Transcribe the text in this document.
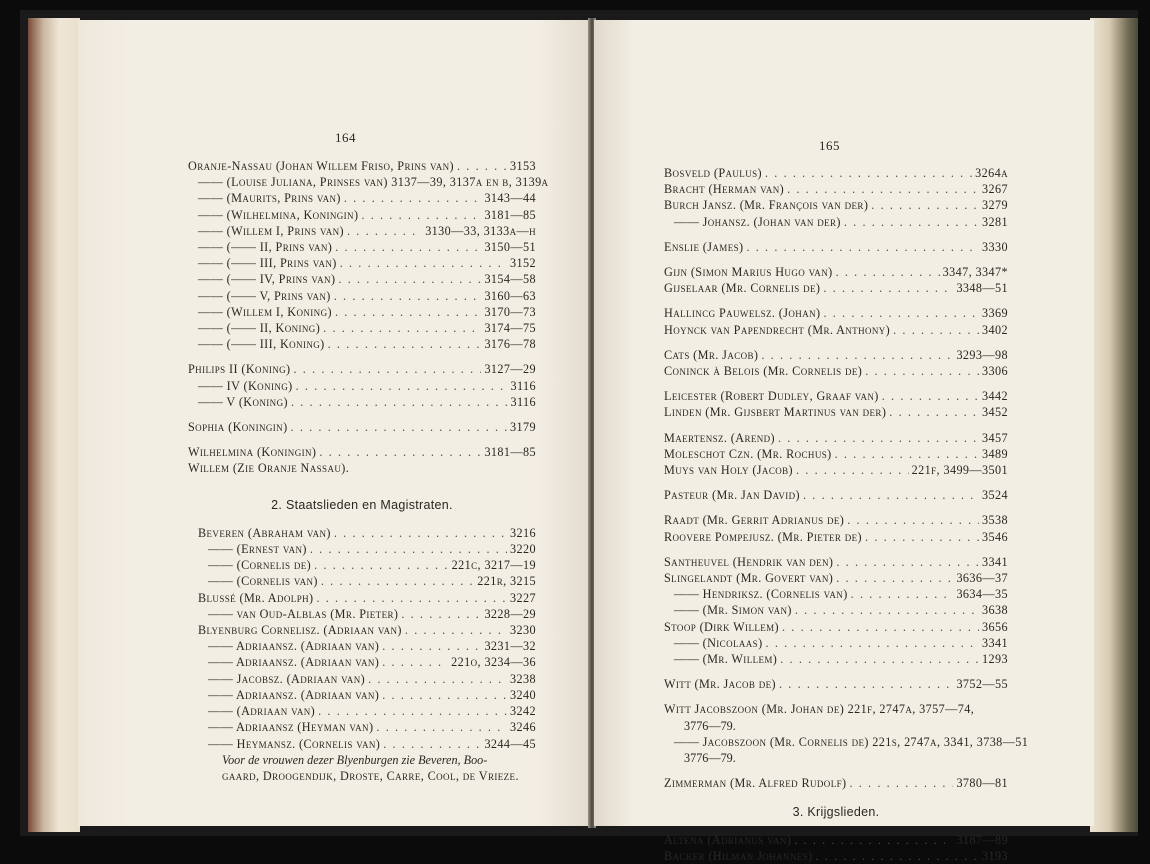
164
Oranje-Nassau (Johan Willem Friso, Prins van) . . .	3153
—— (Louise Juliana, Prinses van) 3137—39, 3137a en b, 3139a
—— (Maurits, Prins van) . . .	3143—44
—— (Wilhelmina, Koningin) . . .	3181—85
—— (Willem I, Prins van) . . .	3130—33, 3133a—h
—— (—— II, Prins van) . . .	3150—51
—— (—— III, Prins van) . . .	3152
—— (—— IV, Prins van) . . .	3154—58
—— (—— V, Prins van) . . .	3160—63
—— (Willem I, Koning) . . .	3170—73
—— (—— II, Koning) . . .	3174—75
—— (—— III, Koning) . . .	3176—78
Philips II (Koning) . . .	3127—29
—— IV (Koning) . . .	3116
—— V (Koning) . . .	3116
Sophia (Koningin) . . .	3179
Wilhelmina (Koningin) . . .	3181—85
Willem (Zie Oranje Nassau).
2. Staatslieden en Magistraten.
Beveren (Abraham van) . . .	3216
—— (Ernest van) . . .	3220
—— (Cornelis de) . . .	221c, 3217—19
—— (Cornelis van) . . .	221r, 3215
Blussé (Mr. Adolph) . . .	3227
—— van Oud-Alblas (Mr. Pieter) . . .	3228—29
Blyenburg Cornelisz. (Adriaan van) . . .	3230
—— Adriaansz. (Adriaan van) . . .	3231—32
—— Adriaansz. (Adriaan van) . . .	221o, 3234—36
—— Jacobsz. (Adriaan van) . . .	3238
—— Adriaansz. (Adriaan van) . . .	3240
—— (Adriaan van) . . .	3242
—— Adriaansz (Heyman van) . . .	3246
—— Heymansz. (Cornelis van) . . .	3244—45
Voor de vrouwen dezer Blyenburgen zie Beveren, Boo-
gaard, Droogendijk, Droste, Carre, Cool, de Vrieze.
165
Bosveld (Paulus) . . .	3264a
Bracht (Herman van) . . .	3267
Burch Jansz. (Mr. François van der) . . .	3279
—— Johansz. (Johan van der) . . .	3281
Enslie (James) . . .	3330
Gijn (Simon Marius Hugo van) . . .	3347, 3347*
Gijselaar (Mr. Cornelis de) . . .	3348—51
Hallincg Pauwelsz. (Johan) . . .	3369
Hoynck van Papendrecht (Mr. Anthony) . . .	3402
Cats (Mr. Jacob) . . .	3293—98
Coninck à Belois (Mr. Cornelis de) . . .	3306
Leicester (Robert Dudley, Graaf van) . . .	3442
Linden (Mr. Gijsbert Martinus van der) . . .	3452
Maertensz. (Arend) . . .	3457
Moleschot Czn. (Mr. Rochus) . . .	3489
Muys van Holy (Jacob) . . .	221f, 3499—3501
Pasteur (Mr. Jan David) . . .	3524
Raadt (Mr. Gerrit Adrianus de) . . .	3538
Roovere Pompejusz. (Mr. Pieter de) . . .	3546
Santheuvel (Hendrik van den) . . .	3341
Slingelandt (Mr. Govert van) . . .	3636—37
—— Hendriksz. (Cornelis van) . . .	3634—35
—— (Mr. Simon van) . . .	3638
Stoop (Dirk Willem) . . .	3656
—— (Nicolaas) . . .	3341
—— (Mr. Willem) . . .	1293
Witt (Mr. Jacob de) . . .	3752—55
Witt Jacobszoon (Mr. Johan de) 221f, 2747a, 3757—74,
3776—79.
—— Jacobszoon (Mr. Cornelis de) 221s, 2747a, 3341, 3738—51
3776—79.
Zimmerman (Mr. Alfred Rudolf) . . .	3780—81
3. Krijgslieden.
Altena (Adrianus van) . . .	3187—89
Backer (Hilman Johannes) . . .	3193
